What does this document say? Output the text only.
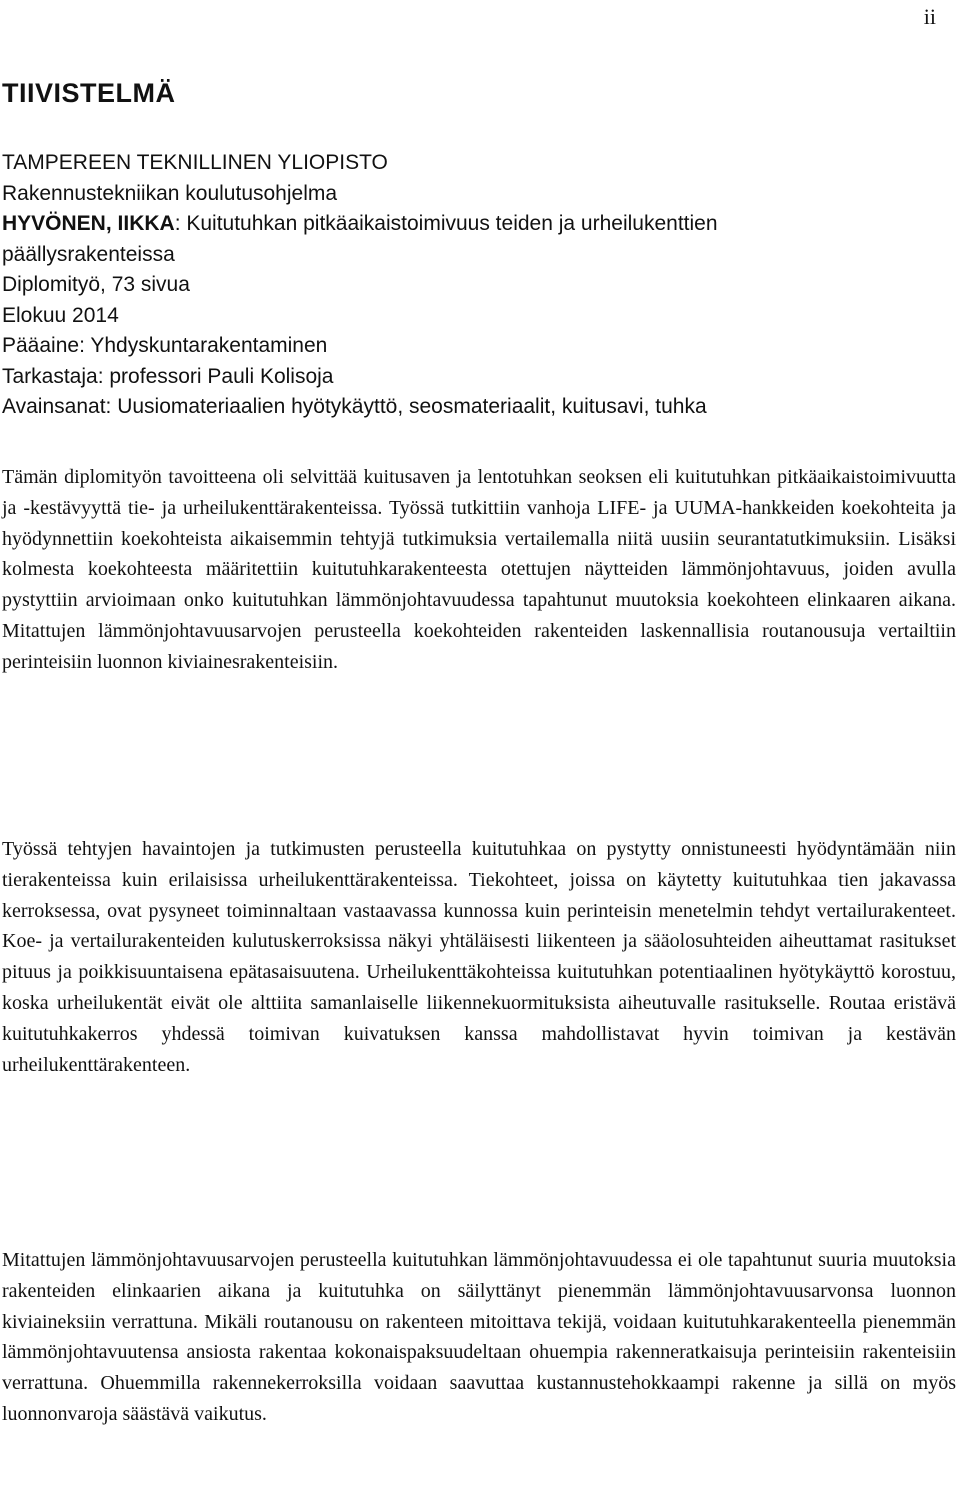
ii
TIIVISTELMÄ
TAMPEREEN TEKNILLINEN YLIOPISTO
Rakennustekniikan koulutusohjelma
HYVÖNEN, IIKKA: Kuitutuhkan pitkäaikaistoimivuus teiden ja urheilukenttien
päällysrakenteissa
Diplomityö, 73 sivua
Elokuu 2014
Pääaine: Yhdyskuntarakentaminen
Tarkastaja: professori Pauli Kolisoja
Avainsanat: Uusiomateriaalien hyötykäyttö, seosmateriaalit, kuitusavi, tuhka

Tämän diplomityön tavoitteena oli selvittää kuitusaven ja lentotuhkan seoksen eli kuitutuhkan pitkäaikaistoimivuutta ja -kestävyyttä tie- ja urheilukenttärakenteissa. Työssä tutkittiin vanhoja LIFE- ja UUMA-hankkeiden koekohteita ja hyödynnettiin koekohteista aikaisemmin tehtyjä tutkimuksia vertailemalla niitä uusiin seurantatutkimuksiin. Lisäksi kolmesta koekohteesta määritettiin kuitutuhkarakenteesta otettujen näytteiden lämmönjohtavuus, joiden avulla pystyttiin arvioimaan onko kuitutuhkan lämmönjohtavuudessa tapahtunut muutoksia koekohteen elinkaaren aikana. Mitattujen lämmönjohtavuusarvojen perusteella koekohteiden rakenteiden laskennallisia routanousuja vertailtiin perinteisiin luonnon kiviainesrakenteisiin.

Työssä tehtyjen havaintojen ja tutkimusten perusteella kuitutuhkaa on pystytty onnistuneesti hyödyntämään niin tierakenteissa kuin erilaisissa urheilukenttärakenteissa. Tiekohteet, joissa on käytetty kuitutuhkaa tien jakavassa kerroksessa, ovat pysyneet toiminnaltaan vastaavassa kunnossa kuin perinteisin menetelmin tehdyt vertailurakenteet. Koe- ja vertailurakenteiden kulutuskerroksissa näkyi yhtäläisesti liikenteen ja sääolosuhteiden aiheuttamat rasitukset pituus ja poikkisuuntaisena epätasaisuutena. Urheilukenttäkohteissa kuitutuhkan potentiaalinen hyötykäyttö korostuu, koska urheilukentät eivät ole alttiita samanlaiselle liikennekuormituksista aiheutuvalle rasitukselle. Routaa eristävä kuitutuhkakerros yhdessä toimivan kuivatuksen kanssa mahdollistavat hyvin toimivan ja kestävän urheilukenttärakenteen.

Mitattujen lämmönjohtavuusarvojen perusteella kuitutuhkan lämmönjohtavuudessa ei ole tapahtunut suuria muutoksia rakenteiden elinkaarien aikana ja kuitutuhka on säilyttänyt pienemmän lämmönjohtavuusarvonsa luonnon kiviaineksiin verrattuna. Mikäli routanousu on rakenteen mitoittava tekijä, voidaan kuitutuhkarakenteella pienemmän lämmönjohtavuutensa ansiosta rakentaa kokonaispaksuudeltaan ohuempia rakenneratkaisuja perinteisiin rakenteisiin verrattuna. Ohuemmilla rakennekerroksilla voidaan saavuttaa kustannustehokkaampi rakenne ja sillä on myös luonnonvaroja säästävä vaikutus.
